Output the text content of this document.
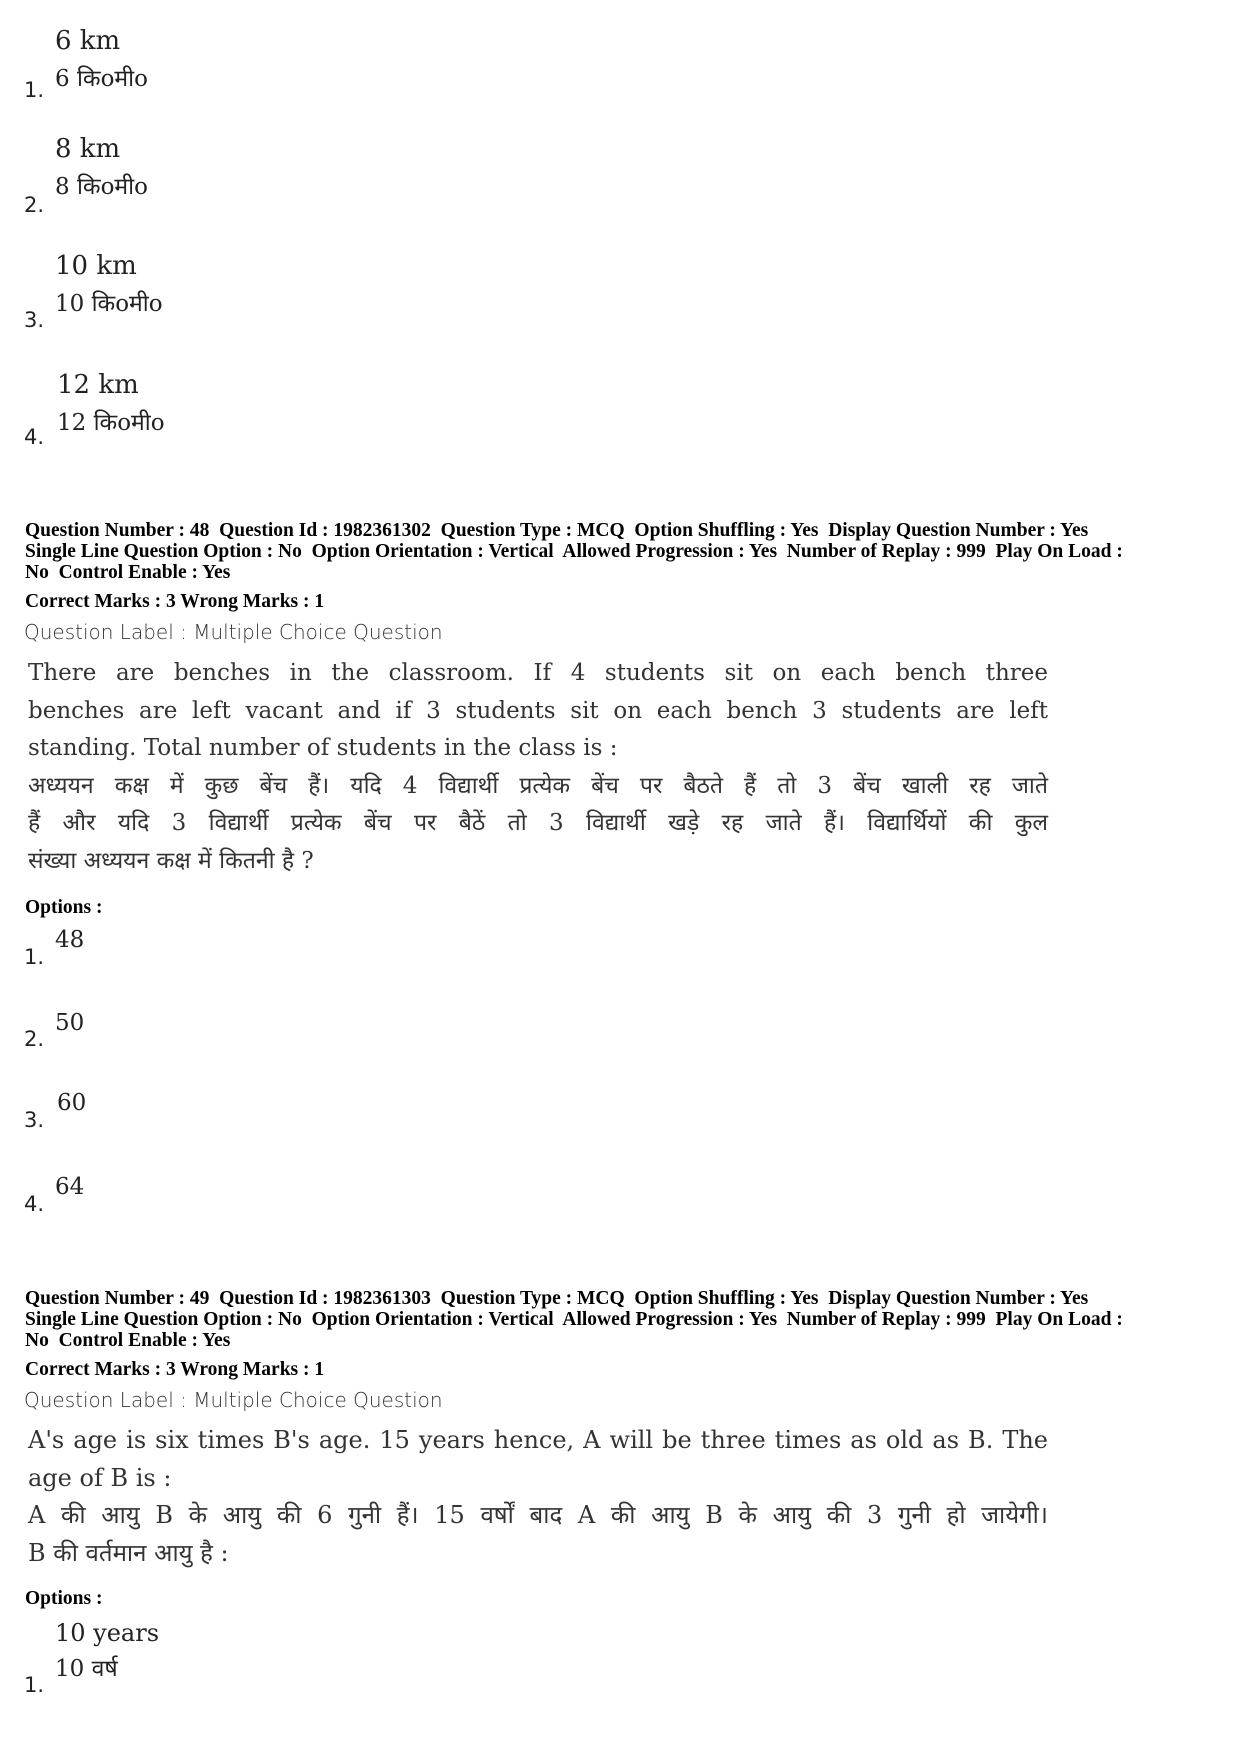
6 km
6 किоमीо
1.
8 km
8 किоमीо
2.
10 km
10 किоमीо
3.
12 km
12 किоमीо
4.
Question Number : 48  Question Id : 1982361302  Question Type : MCQ  Option Shuffling : Yes  Display Question Number : Yes
Single Line Question Option : No  Option Orientation : Vertical  Allowed Progression : Yes  Number of Replay : 999  Play On Load :
No  Control Enable : Yes
Correct Marks : 3 Wrong Marks : 1
Question Label : Multiple Choice Question
There are benches in the classroom. If 4 students sit on each bench three
benches are left vacant and if 3 students sit on each bench 3 students are left
standing. Total number of students in the class is :
अध्ययन कक्ष में कुछ बेंच हैं। यदि 4 विद्यार्थी प्रत्येक बेंच पर बैठते हैं तो 3 बेंच खाली रह जाते
हैं और यदि 3 विद्यार्थी प्रत्येक बेंच पर बैठें तो 3 विद्यार्थी खड़े रह जाते हैं। विद्यार्थियों की कुल
संख्या अध्ययन कक्ष में कितनी है ?
Options :
48
1.
50
2.
60
3.
64
4.
Question Number : 49  Question Id : 1982361303  Question Type : MCQ  Option Shuffling : Yes  Display Question Number : Yes
Single Line Question Option : No  Option Orientation : Vertical  Allowed Progression : Yes  Number of Replay : 999  Play On Load :
No  Control Enable : Yes
Correct Marks : 3 Wrong Marks : 1
Question Label : Multiple Choice Question
A's age is six times B's age. 15 years hence, A will be three times as old as B. The
age of B is :
A की आयु B के आयु की 6 गुनी हैं। 15 वर्षों बाद A की आयु B के आयु की 3 गुनी हो जायेगी।
B की वर्तमान आयु है :
Options :
10 years
10 वर्ष
1.
